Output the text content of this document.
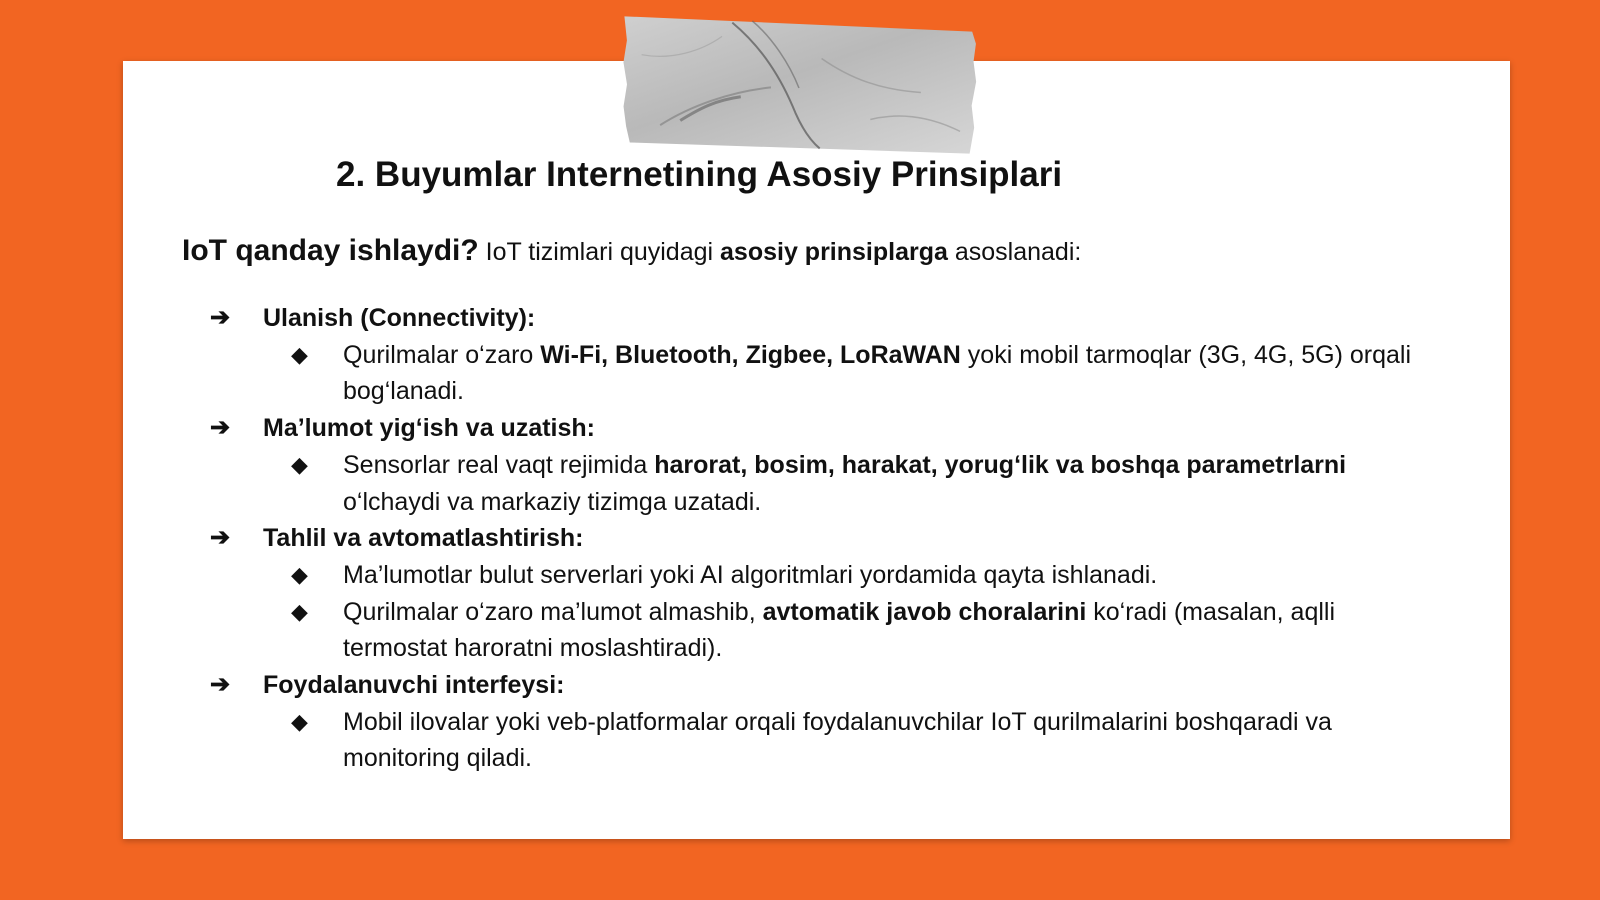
2. Buyumlar Internetining Asosiy Prinsiplari
IoT qanday ishlaydi? IoT tizimlari quyidagi asosiy prinsiplarga asoslanadi:
➔ Ulanish (Connectivity):
◆ Qurilmalar o‘zaro Wi-Fi, Bluetooth, Zigbee, LoRaWAN yoki mobil tarmoqlar (3G, 4G, 5G) orqali bog‘lanadi.
➔ Ma’lumot yig‘ish va uzatish:
◆ Sensorlar real vaqt rejimida harorat, bosim, harakat, yorug‘lik va boshqa parametrlarni o‘lchaydi va markaziy tizimga uzatadi.
➔ Tahlil va avtomatlashtirish:
◆ Ma’lumotlar bulut serverlari yoki AI algoritmlari yordamida qayta ishlanadi.
◆ Qurilmalar o‘zaro ma’lumot almashib, avtomatik javob choralarini ko‘radi (masalan, aqlli termostat haroratni moslashtiradi).
➔ Foydalanuvchi interfeysi:
◆ Mobil ilovalar yoki veb-platformalar orqali foydalanuvchilar IoT qurilmalarini boshqaradi va monitoring qiladi.
